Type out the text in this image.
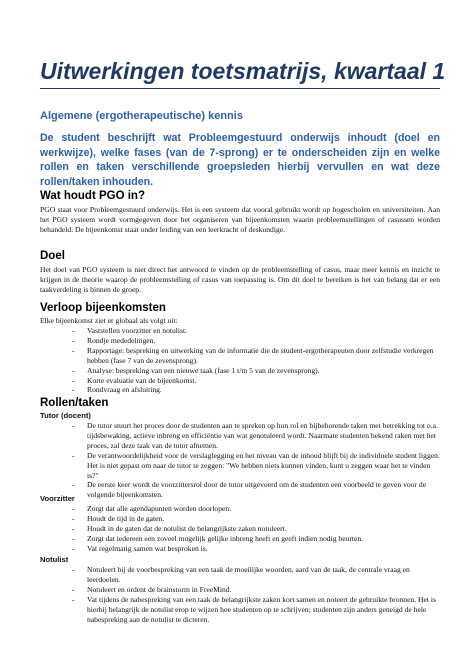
Uitwerkingen toetsmatrijs, kwartaal 1
Algemene (ergotherapeutische) kennis

De student beschrijft wat Probleemgestuurd onderwijs inhoudt (doel en werkwijze), welke fases (van de 7-sprong) er te onderscheiden zijn en welke rollen en taken verschillende groepsleden hierbij vervullen en wat deze rollen/taken inhouden.

Wat houdt PGO in?

PGO staat voor Probleemgestuurd onderwijs. Het is een systeem dat vooral gebruikt wordt op hogescholen en universiteiten. Aan het PGO systeem wordt vormgegeven door het organiseren van bijeenkomsten waarin probleemstellingen of casussen worden behandeld. De bijeenkomst staat onder leiding van een leerkracht of deskundige.

Doel

Het doel van PGO systeem is niet direct het antwoord te vinden op de probleemstelling of casus, maar meer kennis en inzicht te krijgen in de theorie waarop de probleemstelling of casus van toepassing is. Om dit doel te bereiken is het van belang dat er een taakverdeling is binnen de groep.

Verloop bijeenkomsten

Elke bijeenkomst ziet er globaal als volgt uit:

- Vaststellen voorzitter en notulist.
- Rondje mededelingen.
- Rapportage: bespreking en uitwerking van de informatie die de student-ergotherapeuten door zelfstudie verkregen hebben (fase 7 van de zevensprong).
- Analyse: bespreking van een nieuwe taak (fase 1 t/m 5 van de zevensprong).
- Korte evaluatie van de bijeenkomst.
- Rondvraag en afsluiting.
Rollen/taken
Tutor (docent)
- De tutor stuurt het proces door de studenten aan te spreken op hun rol en bijbehorende taken met betrekking tot o.a. tijdsbewaking, actieve inbreng en efficiëntie van wat genotuleerd wordt. Naarmate studenten bekend raken met het proces, zal deze taak van de tutor afnemen.
- De verantwoordelijkheid voor de verslaglegging en het niveau van de inhoud blijft bij de individuele student liggen. Het is niet gepast om naar de tutor te zeggen: "We hebben niets kunnen vinden, kunt u zeggen waar het te vinden is?"
- De eerste keer wordt de voorzittersrol door de tutor uitgevoerd om de studenten een voorbeeld te geven voor de volgende bijeenkomsten.
Voorzitter
- Zorgt dat alle agendapunten worden doorlopen.
- Houdt de tijd in de gaten.
- Houdt in de gaten dat de notulist de belangrijkste zaken notuleert.
- Zorgt dat iedereen een zoveel mogelijk gelijke inbreng heeft en geeft indien nodig beurten.
- Vat regelmatig samen wat besproken is.
Notulist
- Notuleert bij de voorbespreking van een taak de moeilijke woorden, aard van de taak, de centrale vraag en leerdoelen.
- Notuleert en ordent de brainstorm in FreeMind.
- Vat tijdens de nabespreking van een taak de belangrijkste zaken kort samen en noteert de gebruikte bronnen. Het is hierbij belangrijk de notulist erop te wijzen hoe studenten op te schrijven; studenten zijn anders geneigd de hele nabespreking aan de notulist te dicteren.
